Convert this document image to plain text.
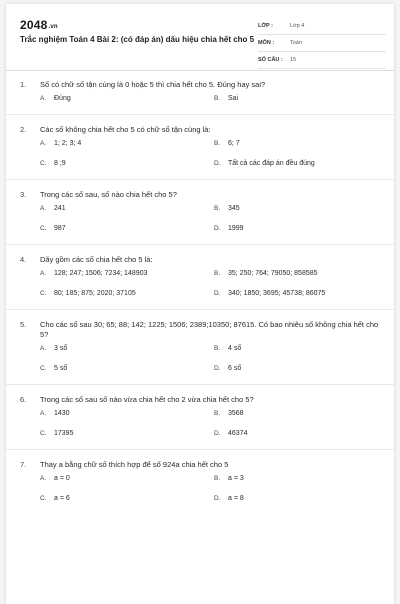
2048.vn
Trắc nghiệm Toán 4 Bài 2: (có đáp án) dấu hiệu chia hết cho 5
LỚP :	Lớp 4
MÔN :	Toán
SỐ CÂU : 15
1. Số có chữ số tận cùng là 0 hoặc 5 thì chia hết cho 5. Đúng hay sai?
A. Đúng	B. Sai
2. Các số không chia hết cho 5 có chữ số tận cùng là:
A. 1; 2; 3; 4	B. 6; 7
C. 8 ;9	D. Tất cả các đáp án đều đúng
3. Trong các số sau, số nào chia hết cho 5?
A. 241	B. 345
C. 987	D. 1999
4. Dãy gồm các số chia hết cho 5 là:
A. 128; 247; 1506; 7234; 148903	B. 35; 250; 764; 79050; 858585
C. 80; 185; 875; 2020; 37105	D. 340; 1850; 3695; 45738; 86075
5. Cho các số sau 30; 65; 88; 142; 1225; 1506; 2389;10350; 87615. Có bao nhiêu số không chia hết cho 5?
A. 3 số	B. 4 số
C. 5 số	D. 6 số
6. Trong các số sau số nào vừa chia hết cho 2 vừa chia hết cho 5?
A. 1430	B. 3568
C. 17395	D. 46374
7. Thay a bằng chữ số thích hợp để số 924a chia hết cho 5
A. a = 0	B. a = 3
C. a = 6	D. a = 8
